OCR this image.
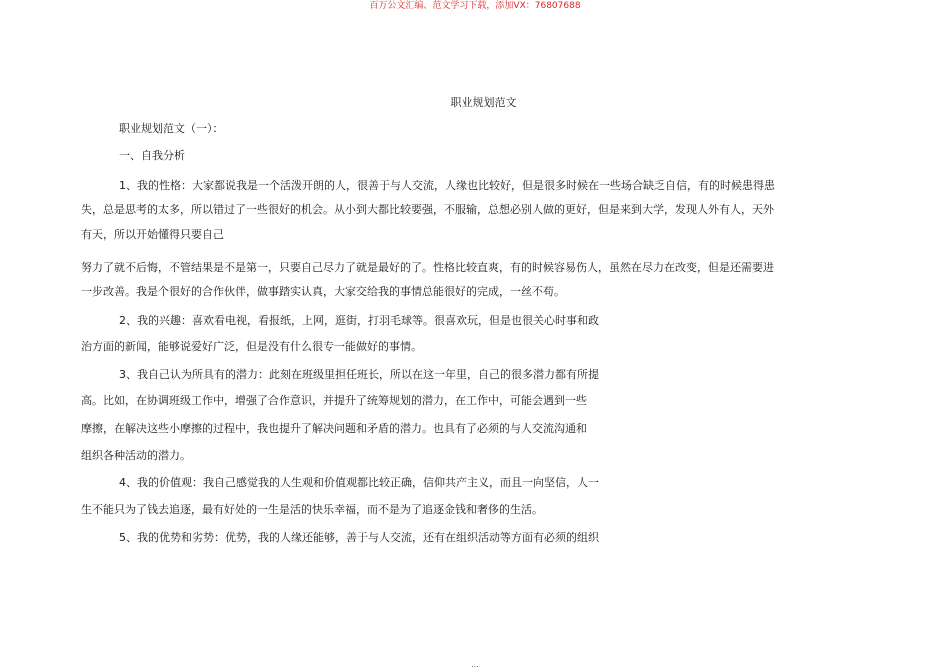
百万公文汇编、范文学习下载，添加VX：76807688
职业规划范文
职业规划范文（一）：
一、自我分析
1、我的性格：大家都说我是一个活泼开朗的人，很善于与人交流，人缘也比较好，但是很多时候在一些场合缺乏自信，有的时候患得患
失，总是思考的太多，所以错过了一些很好的机会。从小到大都比较要强，不服输，总想必别人做的更好，但是来到大学，发现人外有人，天外
有天，所以开始懂得只要自己
努力了就不后悔，不管结果是不是第一，只要自己尽力了就是最好的了。性格比较直爽，有的时候容易伤人，虽然在尽力在改变，但是还需要进
一步改善。我是个很好的合作伙伴，做事踏实认真，大家交给我的事情总能很好的完成，一丝不苟。
2、我的兴趣：喜欢看电视，看报纸，上网，逛街，打羽毛球等。很喜欢玩，但是也很关心时事和政
治方面的新闻，能够说爱好广泛，但是没有什么很专一能做好的事情。
3、我自己认为所具有的潜力：此刻在班级里担任班长，所以在这一年里，自己的很多潜力都有所提
高。比如，在协调班级工作中，增强了合作意识，并提升了统筹规划的潜力，在工作中，可能会遇到一些
摩擦，在解决这些小摩擦的过程中，我也提升了解决问题和矛盾的潜力。也具有了必须的与人交流沟通和
组织各种活动的潜力。
4、我的价值观：我自己感觉我的人生观和价值观都比较正确，信仰共产主义，而且一向坚信，人一
生不能只为了钱去追逐，最有好处的一生是活的快乐幸福，而不是为了追逐金钱和奢侈的生活。
5、我的优势和劣势：优势，我的人缘还能够，善于与人交流，还有在组织活动等方面有必须的组织
...
